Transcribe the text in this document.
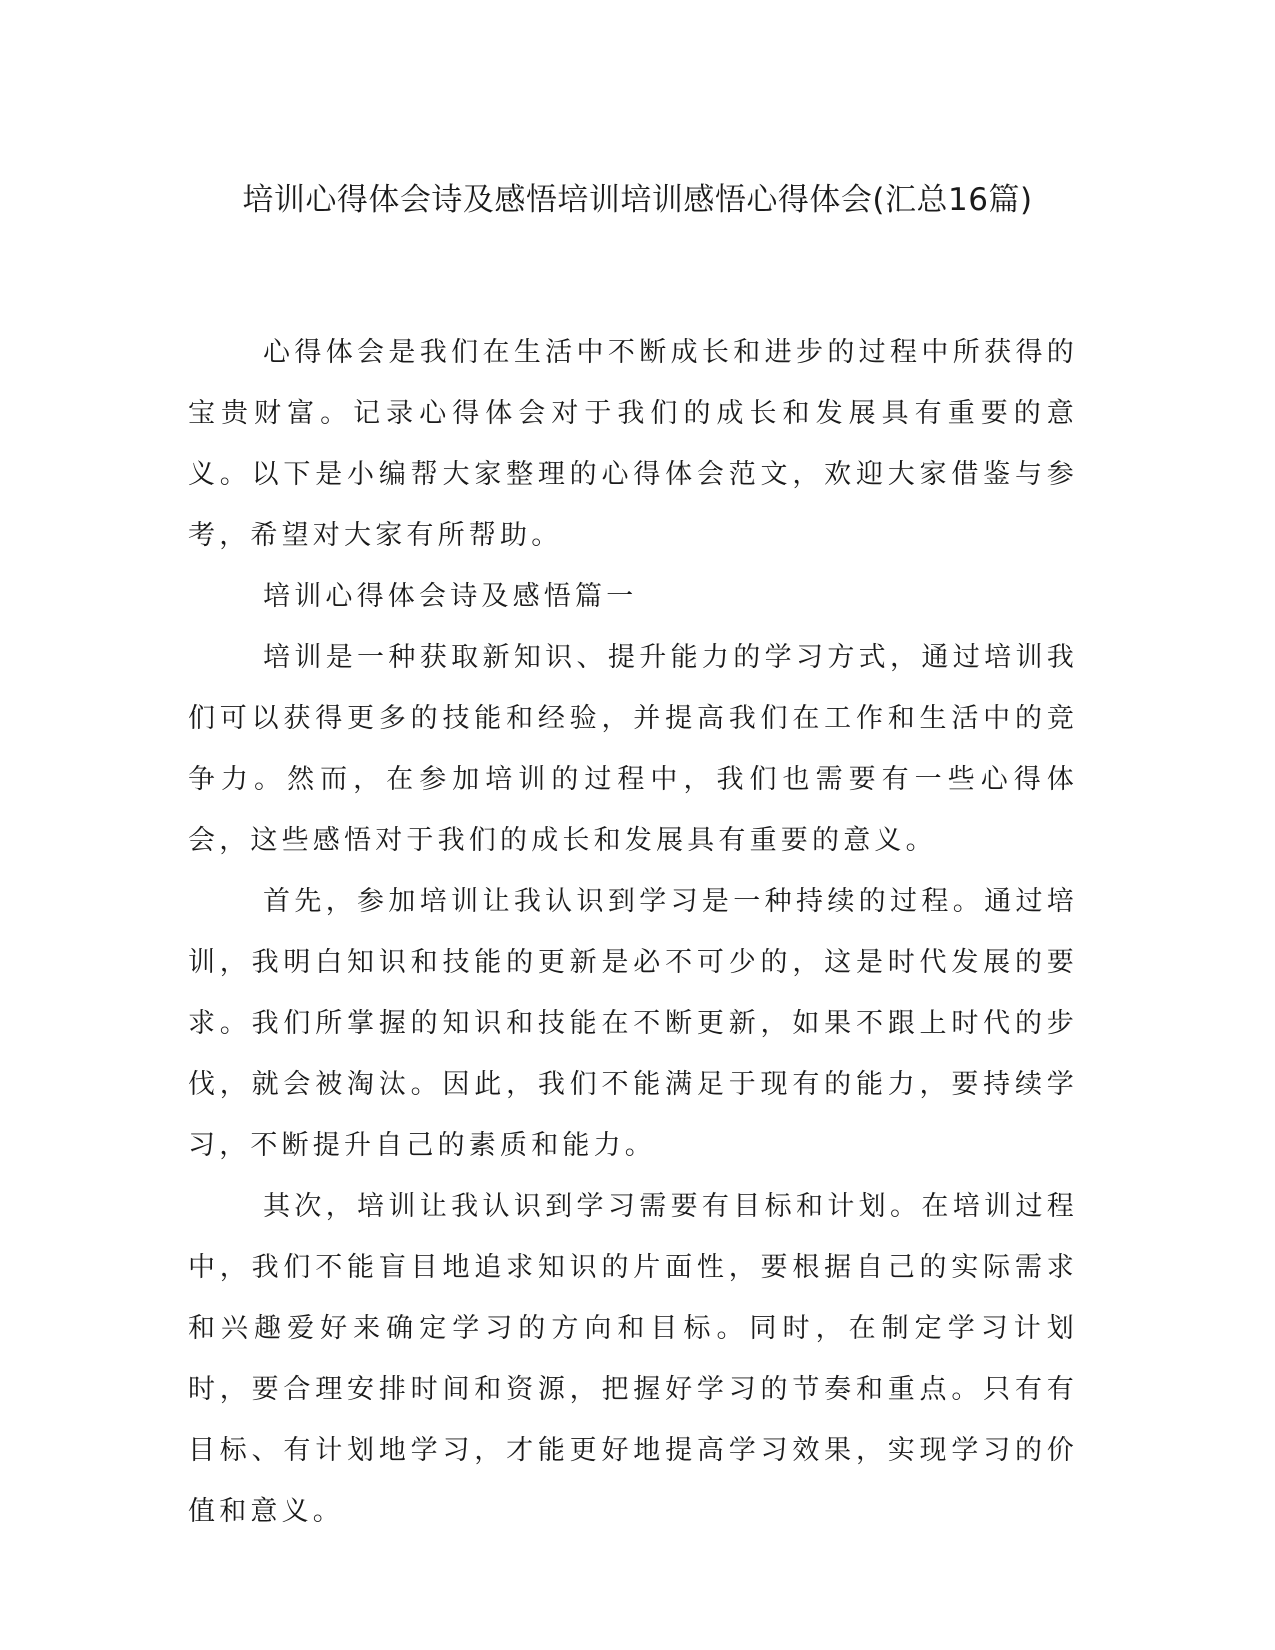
培训心得体会诗及感悟培训培训感悟心得体会(汇总16篇)

心得体会是我们在生活中不断成长和进步的过程中所获得的宝贵财富。记录心得体会对于我们的成长和发展具有重要的意义。以下是小编帮大家整理的心得体会范文，欢迎大家借鉴与参考，希望对大家有所帮助。

培训心得体会诗及感悟篇一

培训是一种获取新知识、提升能力的学习方式，通过培训我们可以获得更多的技能和经验，并提高我们在工作和生活中的竞争力。然而，在参加培训的过程中，我们也需要有一些心得体会，这些感悟对于我们的成长和发展具有重要的意义。

首先，参加培训让我认识到学习是一种持续的过程。通过培训，我明白知识和技能的更新是必不可少的，这是时代发展的要求。我们所掌握的知识和技能在不断更新，如果不跟上时代的步伐，就会被淘汰。因此，我们不能满足于现有的能力，要持续学习，不断提升自己的素质和能力。

其次，培训让我认识到学习需要有目标和计划。在培训过程中，我们不能盲目地追求知识的片面性，要根据自己的实际需求和兴趣爱好来确定学习的方向和目标。同时，在制定学习计划时，要合理安排时间和资源，把握好学习的节奏和重点。只有有目标、有计划地学习，才能更好地提高学习效果，实现学习的价值和意义。
